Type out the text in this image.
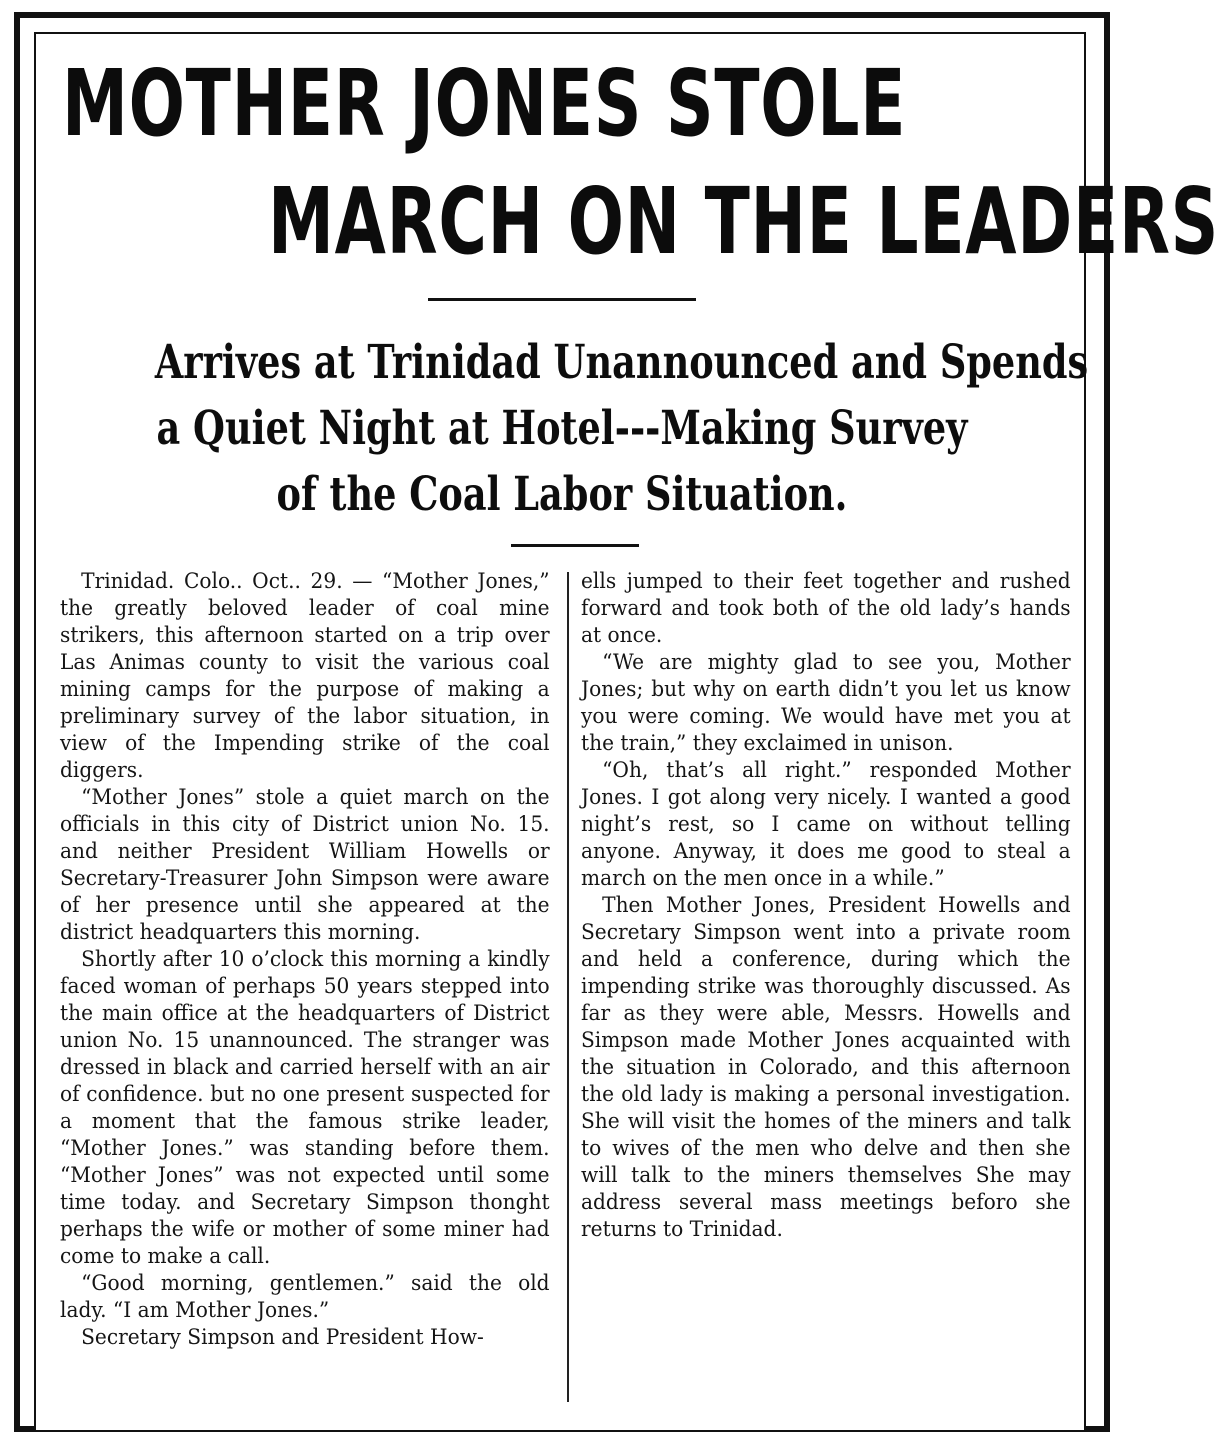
MOTHER JONES STOLE
MARCH ON THE LEADERS
Arrives at Trinidad Unannounced and Spends
a Quiet Night at Hotel---Making Survey
of the Coal Labor Situation.

Trinidad. Colo.. Oct.. 29. — “Mother Jones,” the greatly beloved leader of coal mine strikers, this afternoon started on a trip over Las Animas county to visit the various coal mining camps for the purpose of making a preliminary survey of the labor situation, in view of the Impending strike of the coal diggers.

“Mother Jones” stole a quiet march on the officials in this city of District union No. 15. and neither President William Howells or Secretary-Treasurer John Simpson were aware of her presence until she appeared at the district headquarters this morning.

Shortly after 10 o’clock this morning a kindly faced woman of perhaps 50 years stepped into the main office at the headquarters of District union No. 15 unannounced. The stranger was dressed in black and carried herself with an air of confidence. but no one present suspected for a moment that the famous strike leader, “Mother Jones.” was standing before them. “Mother Jones” was not expected until some time today. and Secretary Simpson thonght perhaps the wife or mother of some miner had come to make a call.

“Good morning, gentlemen.” said the old lady. “I am Mother Jones.”

Secretary Simpson and President How-

ells jumped to their feet together and rushed forward and took both of the old lady’s hands at once.

“We are mighty glad to see you, Mother Jones; but why on earth didn’t you let us know you were coming. We would have met you at the train,” they exclaimed in unison.

“Oh, that’s all right.” responded Mother Jones. I got along very nicely. I wanted a good night’s rest, so I came on without telling anyone. Anyway, it does me good to steal a march on the men once in a while.”

Then Mother Jones, President Howells and Secretary Simpson went into a private room and held a conference, during which the impending strike was thoroughly discussed. As far as they were able, Messrs. Howells and Simpson made Mother Jones acquainted with the situation in Colorado, and this afternoon the old lady is making a personal investigation. She will visit the homes of the miners and talk to wives of the men who delve and then she will talk to the miners themselves She may address several mass meetings beforo she returns to Trinidad.
